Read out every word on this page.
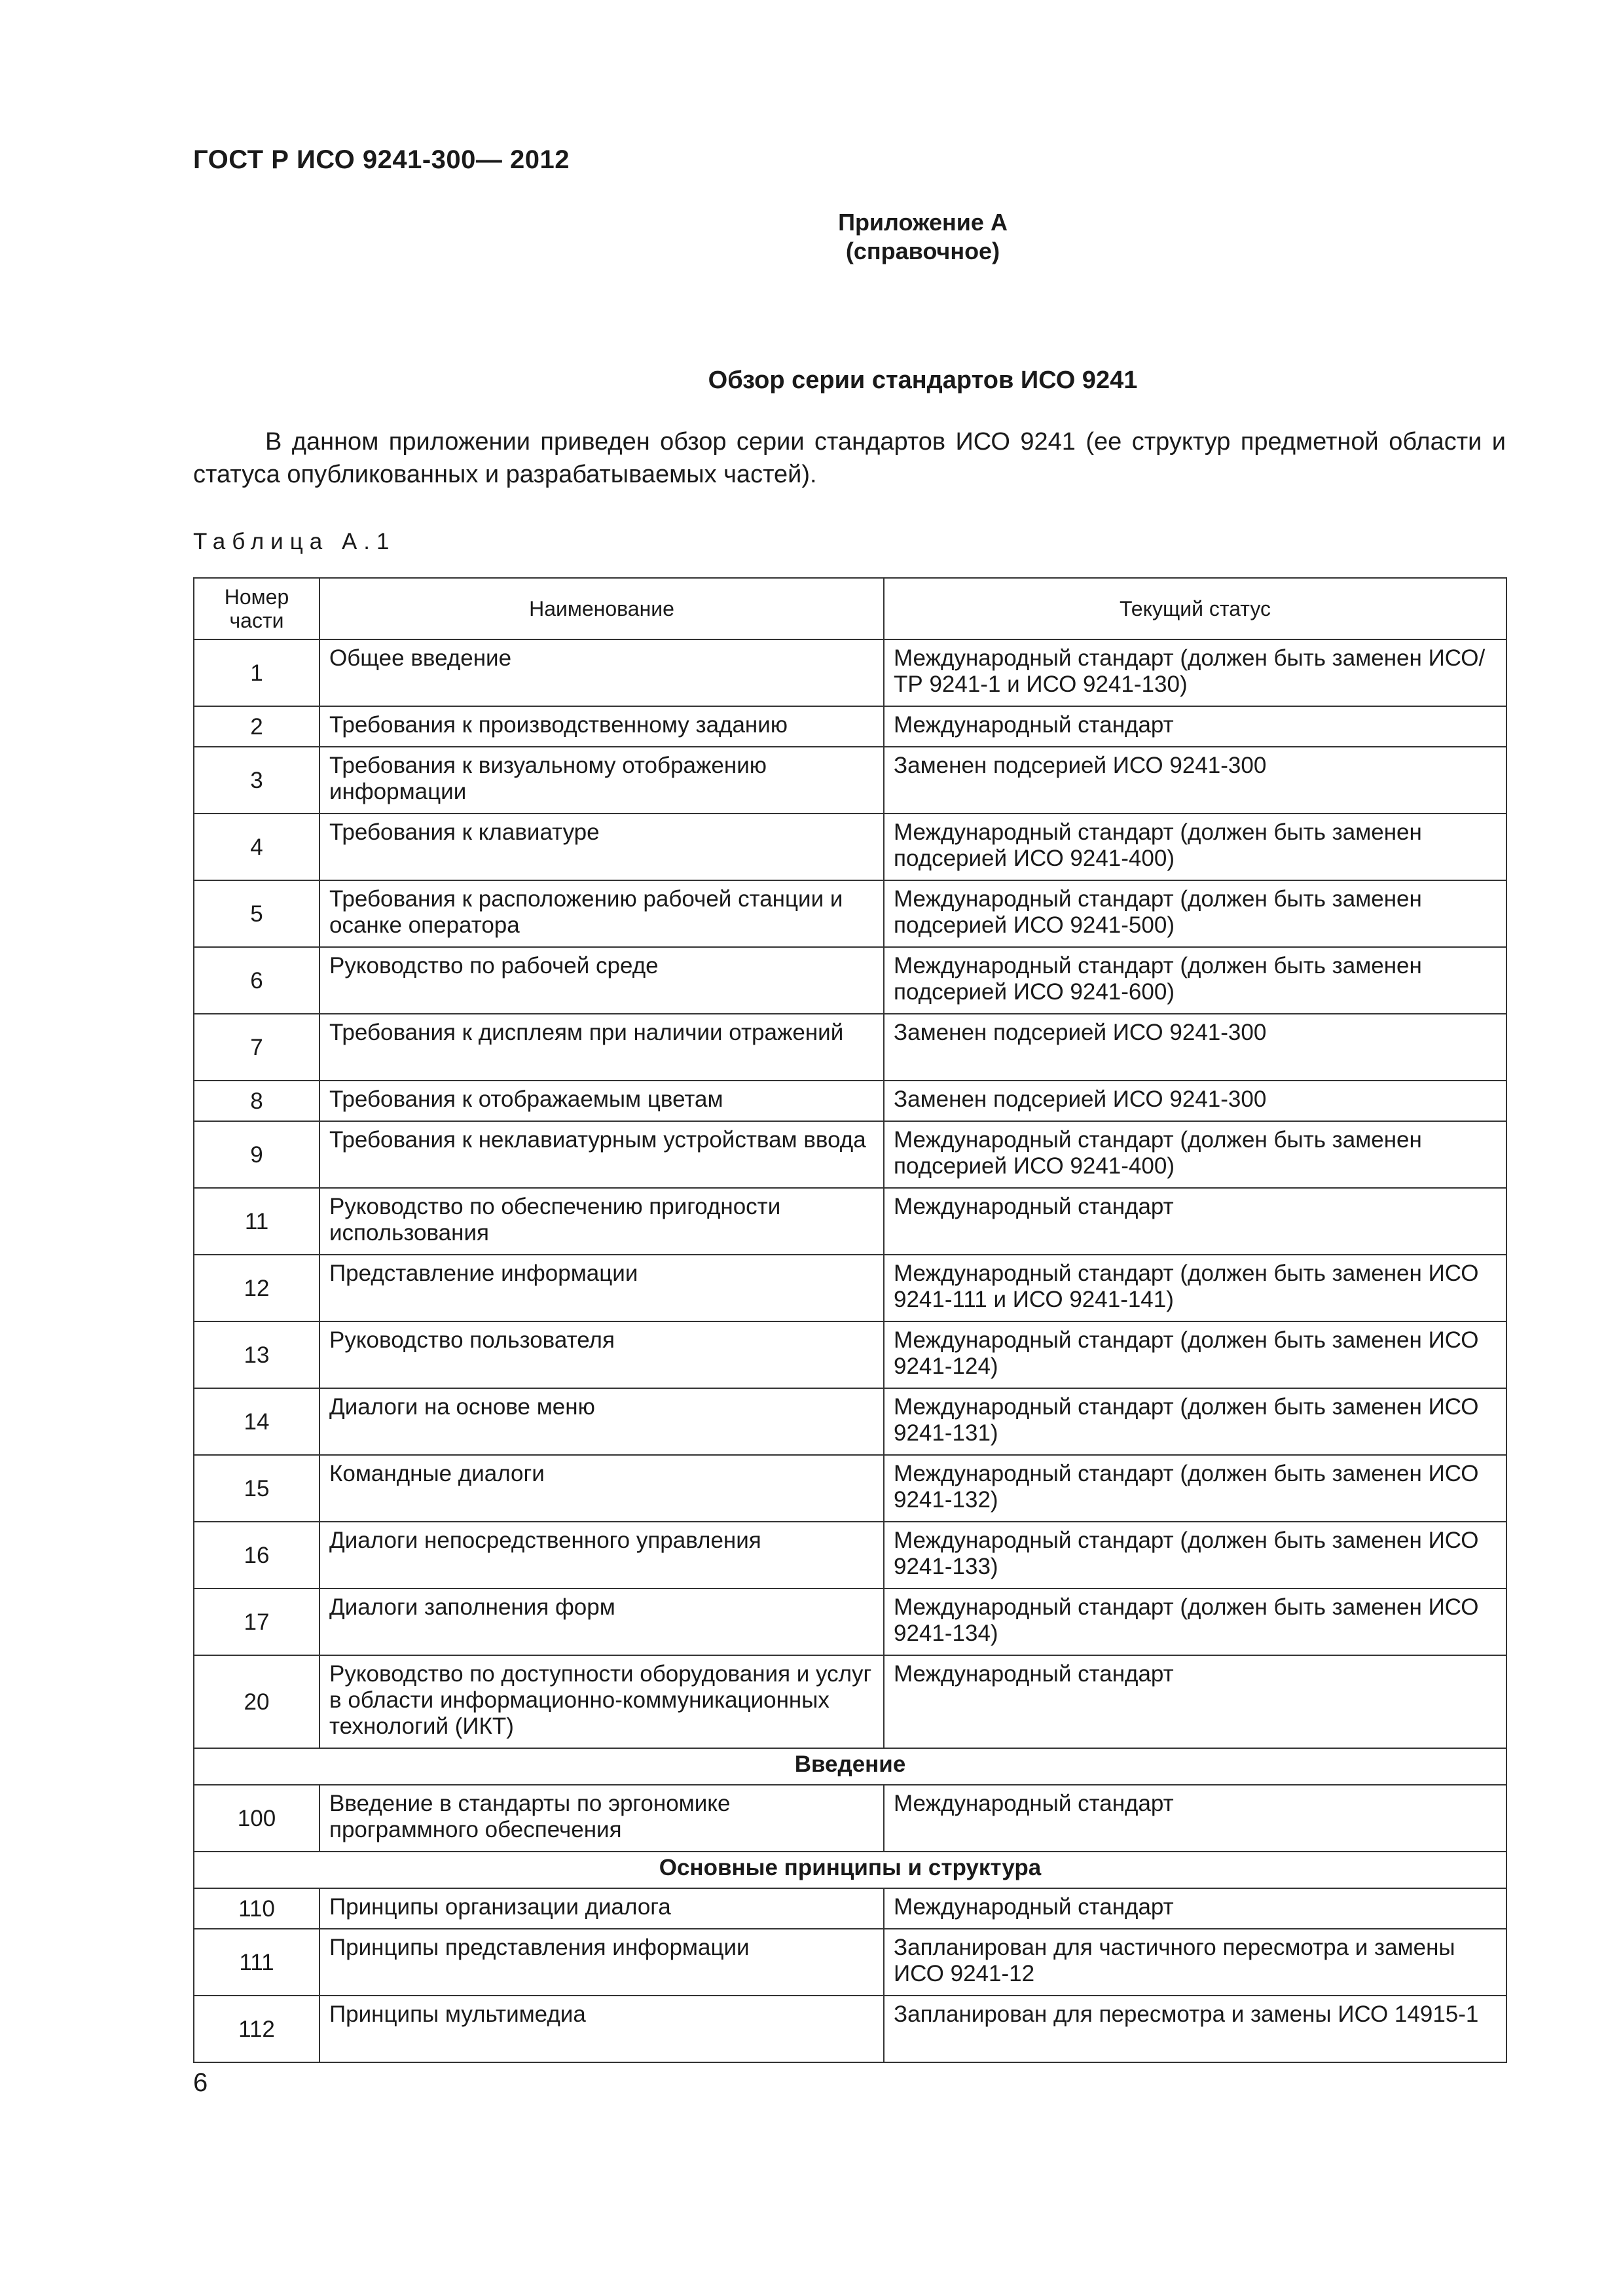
ГОСТ Р ИСО 9241-300— 2012
Приложение А
(справочное)
Обзор серии стандартов ИСО 9241
В данном приложении приведен обзор серии стандартов ИСО 9241 (ее структур предметной области и статуса опубликованных и разрабатываемых частей).
Таблица А.1
Номер части	Наименование	Текущий статус
1	Общее введение	Международный стандарт (должен быть заменен ИСО/ТР 9241-1 и ИСО 9241-130)
2	Требования к производственному заданию	Международный стандарт
3	Требования к визуальному отображению информации	Заменен подсерией ИСО 9241-300
4	Требования к клавиатуре	Международный стандарт (должен быть заменен подсерией ИСО 9241-400)
5	Требования к расположению рабочей станции и осанке оператора	Международный стандарт (должен быть заменен подсерией ИСО 9241-500)
6	Руководство по рабочей среде	Международный стандарт (должен быть заменен подсерией ИСО 9241-600)
7	Требования к дисплеям при наличии отражений	Заменен подсерией ИСО 9241-300
8	Требования к отображаемым цветам	Заменен подсерией ИСО 9241-300
9	Требования к неклавиатурным устройствам ввода	Международный стандарт (должен быть заменен подсерией ИСО 9241-400)
11	Руководство по обеспечению пригодности использования	Международный стандарт
12	Представление информации	Международный стандарт (должен быть заменен ИСО 9241-111 и ИСО 9241-141)
13	Руководство пользователя	Международный стандарт (должен быть заменен ИСО 9241-124)
14	Диалоги на основе меню	Международный стандарт (должен быть заменен ИСО 9241-131)
15	Командные диалоги	Международный стандарт (должен быть заменен ИСО 9241-132)
16	Диалоги непосредственного управления	Международный стандарт (должен быть заменен ИСО 9241-133)
17	Диалоги заполнения форм	Международный стандарт (должен быть заменен ИСО 9241-134)
20	Руководство по доступности оборудования и услуг в области информационно-коммуникационных технологий (ИКТ)	Международный стандарт
Введение		
100	Введение в стандарты по эргономике программного обеспечения	Международный стандарт
Основные принципы и структура		
110	Принципы организации диалога	Международный стандарт
111	Принципы представления информации	Запланирован для частичного пересмотра и замены ИСО 9241-12
112	Принципы мультимедиа	Запланирован для пересмотра и замены ИСО 14915-1
6
